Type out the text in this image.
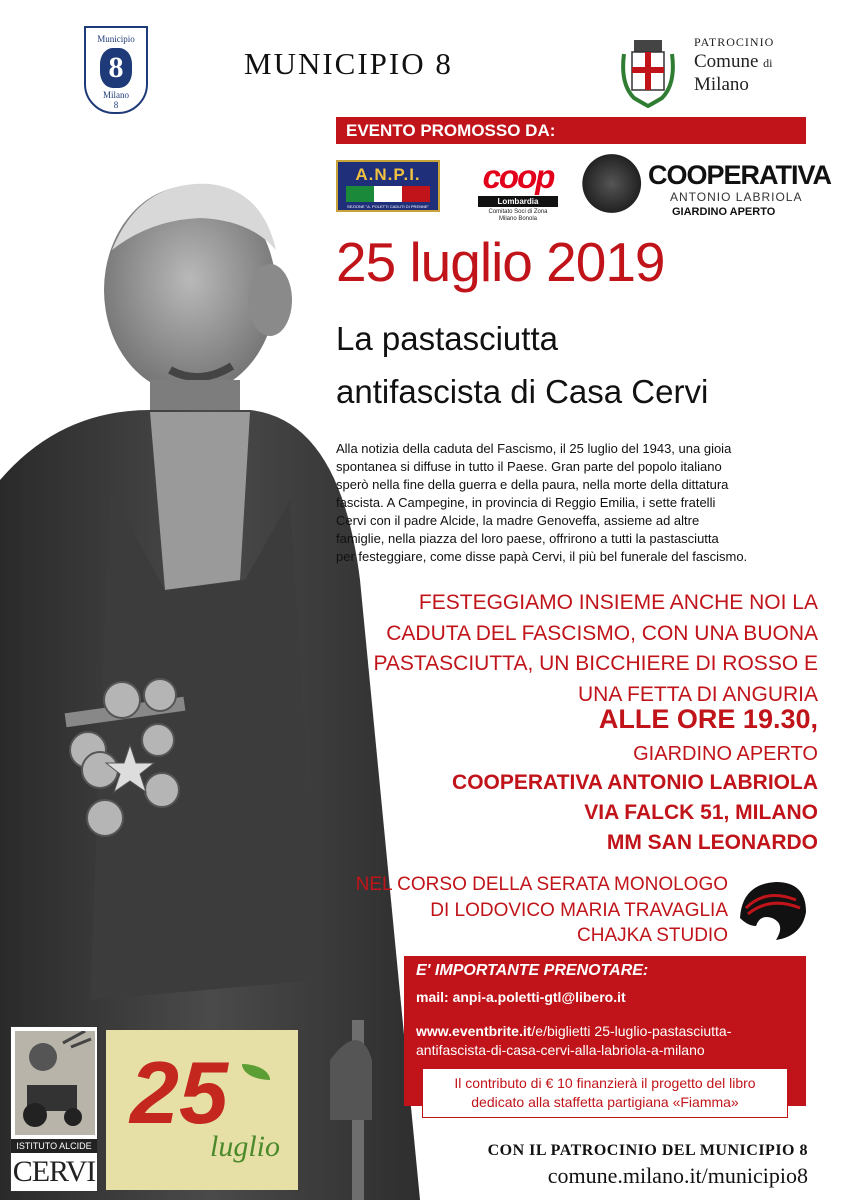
Municipio
8
Milano
8
MUNICIPIO 8
PATROCINIO
Comune di
Milano
EVENTO PROMOSSO DA:
A.N.P.I.
SEZIONE "A. POLETTI CADUTI DI PRENNE"
coop
Lombardia
Comitato Soci di Zona
Milano Bonola
COOPERATIVA
ANTONIO LABRIOLA
GIARDINO APERTO
25 luglio 2019
La pastasciutta
antifascista di Casa Cervi
Alla notizia della caduta del Fascismo, il 25 luglio del 1943, una gioia
spontanea si diffuse in tutto il Paese. Gran parte del popolo italiano
sperò nella fine della guerra e della paura, nella morte della dittatura
fascista. A Campegine, in provincia di Reggio Emilia, i sette fratelli
Cervi con il padre Alcide, la madre Genoveffa, assieme ad altre
famiglie, nella piazza del loro paese, offrirono a tutti la pastasciutta
per festeggiare, come disse papà Cervi, il più bel funerale del fascismo.
FESTEGGIAMO INSIEME ANCHE NOI LA
CADUTA DEL FASCISMO, CON UNA BUONA
PASTASCIUTTA, UN BICCHIERE DI ROSSO E
UNA FETTA DI ANGURIA
ALLE ORE 19.30,
GIARDINO APERTO
COOPERATIVA ANTONIO LABRIOLA
VIA FALCK 51, MILANO
MM SAN LEONARDO
NEL CORSO DELLA SERATA MONOLOGO
DI LODOVICO MARIA TRAVAGLIA
CHAJKA STUDIO
E' IMPORTANTE PRENOTARE:
mail: anpi-a.poletti-gtl@libero.it
www.eventbrite.it/e/biglietti 25-luglio-pastasciutta-
antifascista-di-casa-cervi-alla-labriola-a-milano
Il contributo di € 10 finanzierà il progetto del libro
dedicato alla staffetta partigiana «Fiamma»
ISTITUTO ALCIDE
CERVI
25
luglio	CON IL PATROCINIO DEL MUNICIPIO 8
comune.milano.it/municipio8
